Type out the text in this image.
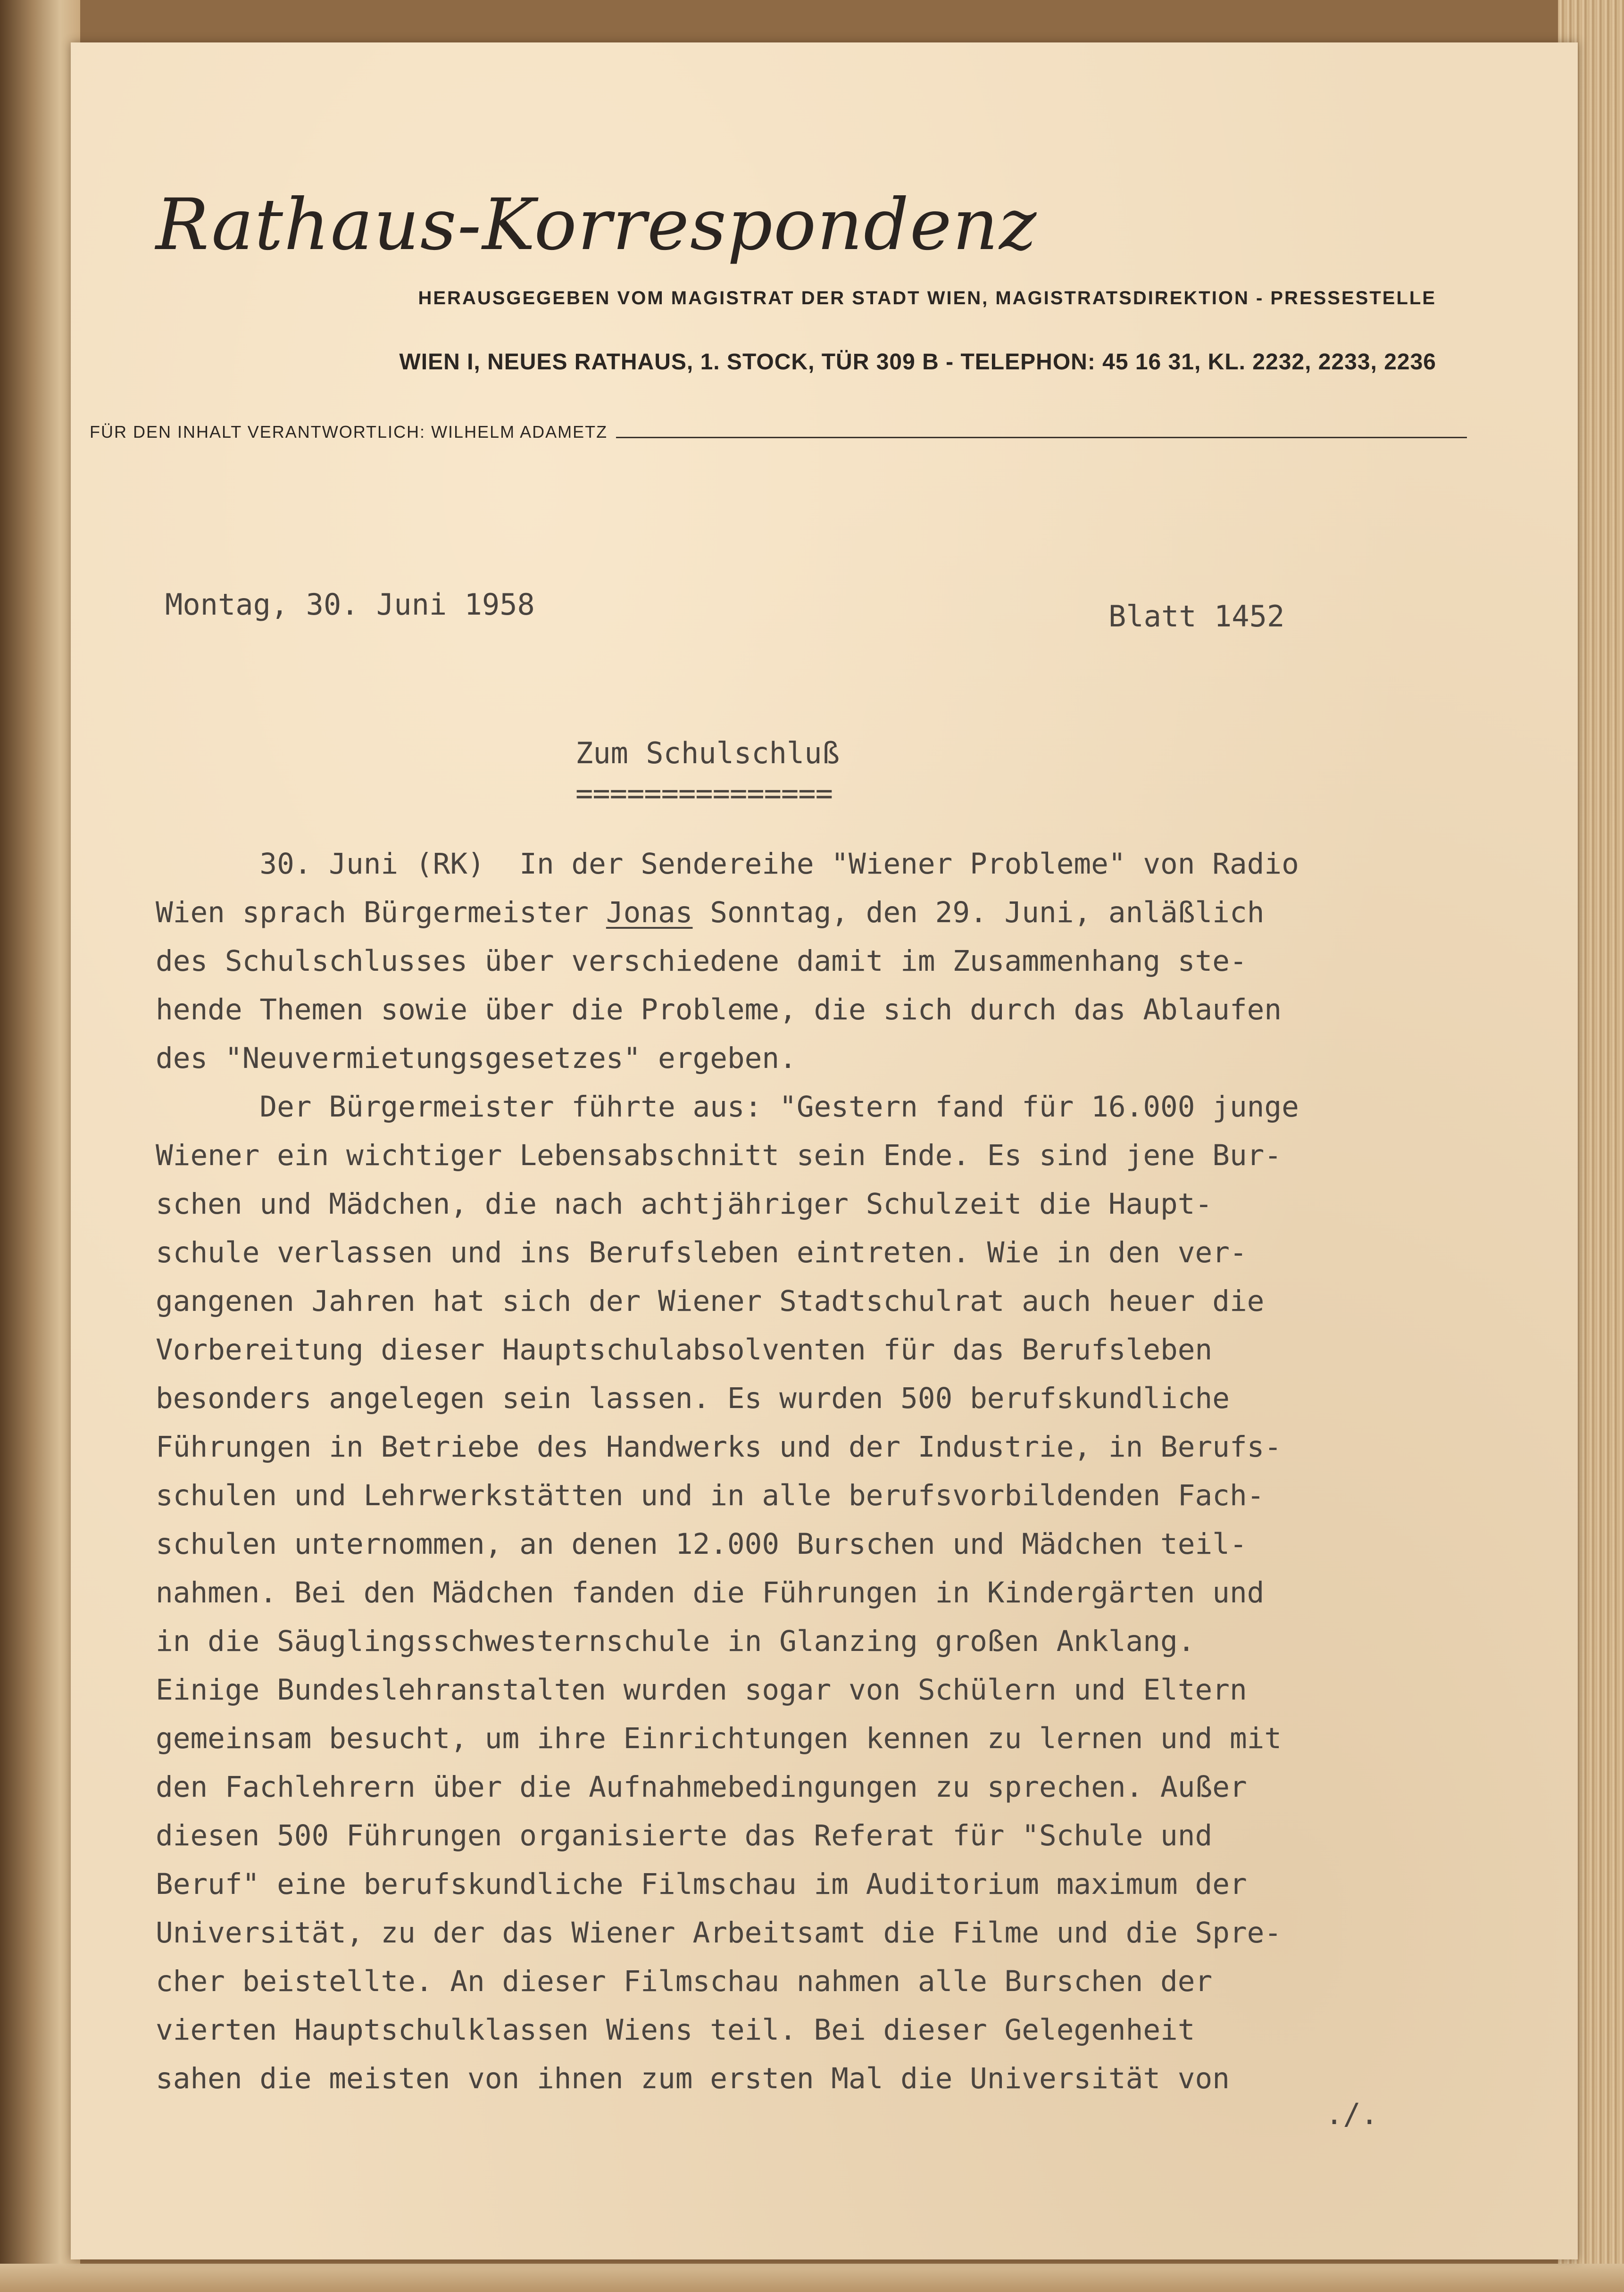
Rathaus-Korrespondenz
HERAUSGEGEBEN VOM MAGISTRAT DER STADT WIEN, MAGISTRATSDIREKTION - PRESSESTELLE
WIEN I, NEUES RATHAUS, 1. STOCK, TÜR 309 B - TELEPHON: 45 16 31, KL. 2232, 2233, 2236
FÜR DEN INHALT VERANTWORTLICH: WILHELM ADAMETZ
Montag, 30. Juni 1958	Blatt 1452
Zum Schulschluß
===============
30. Juni (RK)  In der Sendereihe "Wiener Probleme" von Radio
Wien sprach Bürgermeister Jonas Sonntag, den 29. Juni, anläßlich
des Schulschlusses über verschiedene damit im Zusammenhang ste-
hende Themen sowie über die Probleme, die sich durch das Ablaufen
des "Neuvermietungsgesetzes" ergeben.
Der Bürgermeister führte aus: "Gestern fand für 16.000 junge
Wiener ein wichtiger Lebensabschnitt sein Ende. Es sind jene Bur-
schen und Mädchen, die nach achtjähriger Schulzeit die Haupt-
schule verlassen und ins Berufsleben eintreten. Wie in den ver-
gangenen Jahren hat sich der Wiener Stadtschulrat auch heuer die
Vorbereitung dieser Hauptschulabsolventen für das Berufsleben
besonders angelegen sein lassen. Es wurden 500 berufskundliche
Führungen in Betriebe des Handwerks und der Industrie, in Berufs-
schulen und Lehrwerkstätten und in alle berufsvorbildenden Fach-
schulen unternommen, an denen 12.000 Burschen und Mädchen teil-
nahmen. Bei den Mädchen fanden die Führungen in Kindergärten und
in die Säuglingsschwesternschule in Glanzing großen Anklang.
Einige Bundeslehranstalten wurden sogar von Schülern und Eltern
gemeinsam besucht, um ihre Einrichtungen kennen zu lernen und mit
den Fachlehrern über die Aufnahmebedingungen zu sprechen. Außer
diesen 500 Führungen organisierte das Referat für "Schule und
Beruf" eine berufskundliche Filmschau im Auditorium maximum der
Universität, zu der das Wiener Arbeitsamt die Filme und die Spre-
cher beistellte. An dieser Filmschau nahmen alle Burschen der
vierten Hauptschulklassen Wiens teil. Bei dieser Gelegenheit
sahen die meisten von ihnen zum ersten Mal die Universität von
./.
